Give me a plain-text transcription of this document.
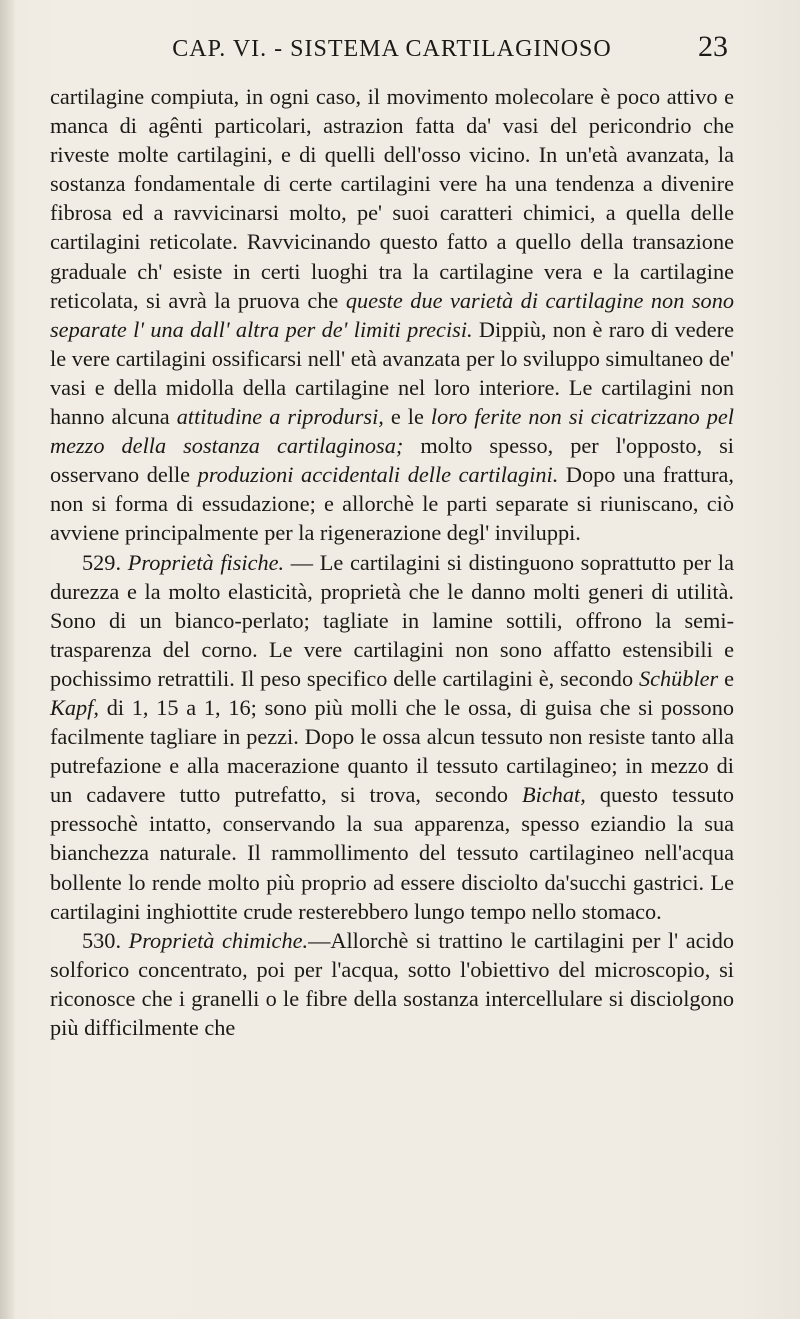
CAP. VI. - SISTEMA CARTILAGINOSO	23

cartilagine compiuta, in ogni caso, il movimento molecolare è poco attivo e manca di agênti particolari, astrazion fatta da' vasi del pericondrio che riveste molte cartilagini, e di quelli dell'osso vicino. In un'età avanzata, la sostanza fondamentale di certe cartilagini vere ha una tendenza a divenire fibrosa ed a ravvicinarsi molto, pe' suoi caratteri chimici, a quella delle cartilagini reticolate. Ravvicinando questo fatto a quello della transazione graduale ch' esiste in certi luoghi tra la cartilagine vera e la cartilagine reticolata, si avrà la pruova che queste due varietà di cartilagine non sono separate l' una dall' altra per de' limiti precisi. Dippiù, non è raro di vedere le vere cartilagini ossificarsi nell' età avanzata per lo sviluppo simultaneo de' vasi e della midolla della cartilagine nel loro interiore. Le cartilagini non hanno alcuna attitudine a riprodursi, e le loro ferite non si cicatrizzano pel mezzo della sostanza cartilaginosa; molto spesso, per l'opposto, si osservano delle produzioni accidentali delle cartilagini. Dopo una frattura, non si forma di essudazione; e allorchè le parti separate si riuniscano, ciò avviene principalmente per la rigenerazione degl' inviluppi.

529. Proprietà fisiche. — Le cartilagini si distinguono soprattutto per la durezza e la molto elasticità, proprietà che le danno molti generi di utilità. Sono di un bianco-perlato; tagliate in lamine sottili, offrono la semi-trasparenza del corno. Le vere cartilagini non sono affatto estensibili e pochissimo retrattili. Il peso specifico delle cartilagini è, secondo Schübler e Kapf, di 1, 15 a 1, 16; sono più molli che le ossa, di guisa che si possono facilmente tagliare in pezzi. Dopo le ossa alcun tessuto non resiste tanto alla putrefazione e alla macerazione quanto il tessuto cartilagineo; in mezzo di un cadavere tutto putrefatto, si trova, secondo Bichat, questo tessuto pressochè intatto, conservando la sua apparenza, spesso eziandio la sua bianchezza naturale. Il rammollimento del tessuto cartilagineo nell'acqua bollente lo rende molto più proprio ad essere disciolto da'succhi gastrici. Le cartilagini inghiottite crude resterebbero lungo tempo nello stomaco.

530. Proprietà chimiche.—Allorchè si trattino le cartilagini per l' acido solforico concentrato, poi per l'acqua, sotto l'obiettivo del microscopio, si riconosce che i granelli o le fibre della sostanza intercellulare si disciolgono più difficilmente che
